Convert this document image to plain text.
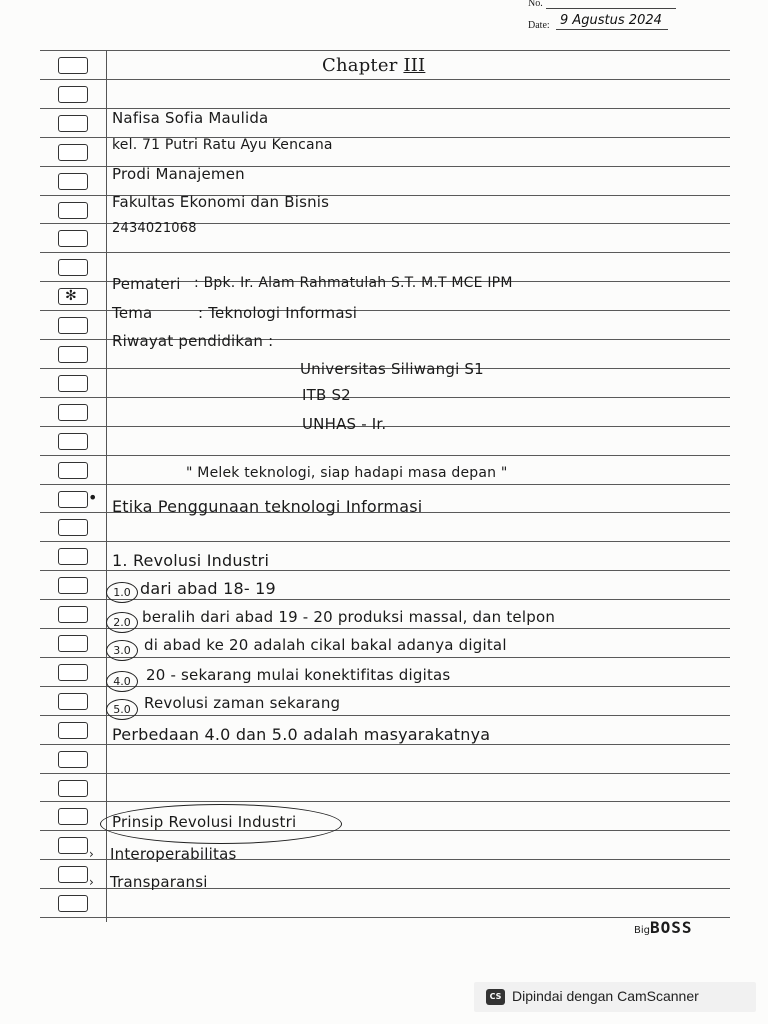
No.
Date: 9 Agustus 2024
✻
Chapter III
Nafisa Sofia Maulida
kel. 71 Putri Ratu Ayu Kencana
Prodi Manajemen
Fakultas Ekonomi dan Bisnis
2434021068
Pemateri : Bpk. Ir. Alam Rahmatulah S.T. M.T MCE IPM
Tema	: Teknologi Informasi
Riwayat pendidikan :
Universitas Siliwangi S1
ITB S2
UNHAS - Ir.
" Melek teknologi, siap hadapi masa depan "
Etika Penggunaan teknologi Informasi
1. Revolusi Industri
1.0 dari abad 18- 19
2.0 beralih dari abad 19 - 20 produksi massal, dan telpon
3.0 di abad ke 20 adalah cikal bakal adanya digital
4.0	20 - sekarang mulai konektifitas digitas
5.0 Revolusi zaman sekarang
Perbedaan 4.0 dan 5.0 adalah masyarakatnya
Prinsip Revolusi Industri
› Interoperabilitas
› Transparansi
BigBOSS
CS Dipindai dengan CamScanner
•
